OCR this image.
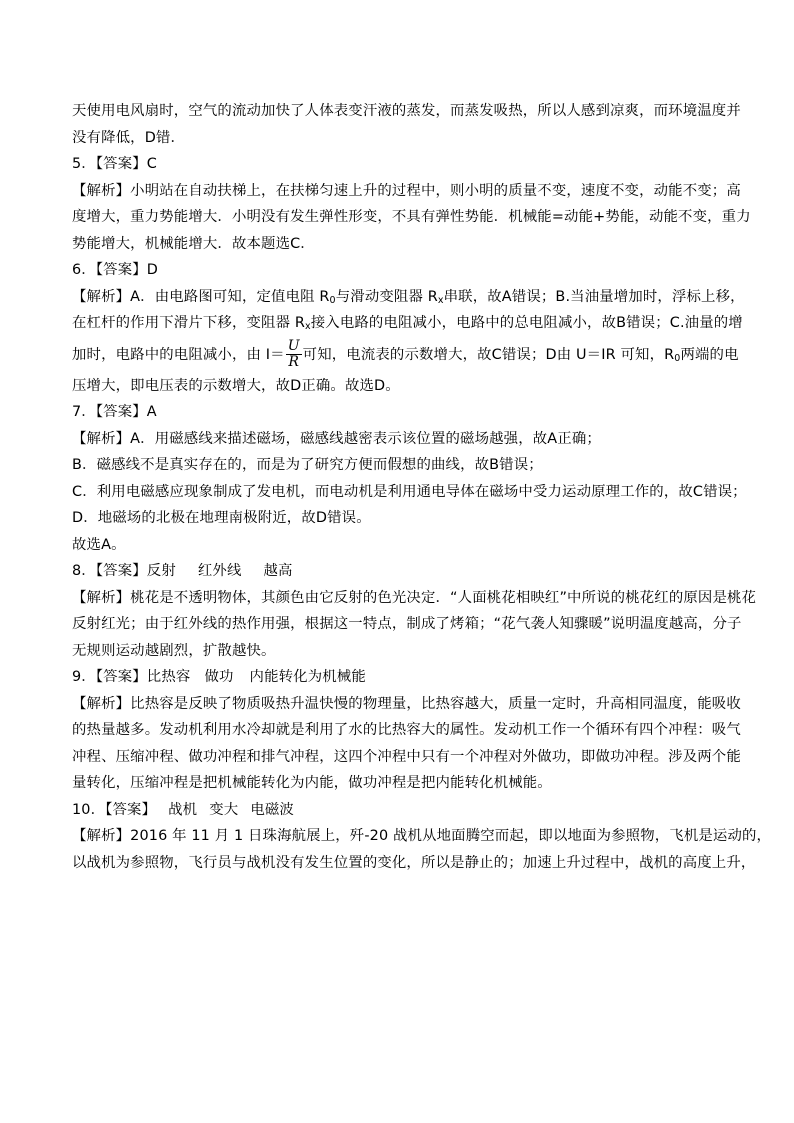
天使用电风扇时，空气的流动加快了人体表变汗液的蒸发，而蒸发吸热，所以人感到凉爽，而环境温度并
没有降低，D错．
5．【答案】C
【解析】小明站在自动扶梯上，在扶梯匀速上升的过程中，则小明的质量不变，速度不变，动能不变；高
度增大，重力势能增大．小明没有发生弹性形变，不具有弹性势能．机械能=动能+势能，动能不变，重力
势能增大，机械能增大．故本题选C．
6．【答案】D
【解析】A．由电路图可知，定值电阻 $R_0$与滑动变阻器 $R_x$串联，故A错误；B.当油量增加时，浮标上移，
在杠杆的作用下滑片下移，变阻器 $R_x$接入电路的电阻减小，电路中的总电阻减小，故B错误；C.油量的增
加时，电路中的电阻减小，由 $I= \frac{U}{R}$ 可知，电流表的示数增大，故C错误；D由 U＝IR 可知，$R_0$两端的电
压增大，即电压表的示数增大，故D正确。故选D。
7．【答案】A
【解析】A．用磁感线来描述磁场，磁感线越密表示该位置的磁场越强，故A正确；
B．磁感线不是真实存在的，而是为了研究方便而假想的曲线，故B错误；
C．利用电磁感应现象制成了发电机，而电动机是利用通电导体在磁场中受力运动原理工作的，故C错误；
D．地磁场的北极在地理南极附近，故D错误。
故选A。
8．【答案】反射 红外线 越高
【解析】桃花是不透明物体，其颜色由它反射的色光决定．“人面桃花相映红”中所说的桃花红的原因是桃花
反射红光；由于红外线的热作用强，根据这一特点，制成了烤箱；“花气袭人知骤暖”说明温度越高，分子
无规则运动越剧烈，扩散越快。
9．【答案】比热容 做功 内能转化为机械能
【解析】比热容是反映了物质吸热升温快慢的物理量，比热容越大，质量一定时，升高相同温度，能吸收
的热量越多。发动机利用水冷却就是利用了水的比热容大的属性。发动机工作一个循环有四个冲程：吸气
冲程、压缩冲程、做功冲程和排气冲程，这四个冲程中只有一个冲程对外做功，即做功冲程。涉及两个能
量转化，压缩冲程是把机械能转化为内能，做功冲程是把内能转化机械能。
10．【答案】 战机 变大 电磁波
【解析】2016 年 11 月 1 日珠海航展上，歼-20 战机从地面腾空而起，即以地面为参照物，飞机是运动的，
以战机为参照物，飞行员与战机没有发生位置的变化，所以是静止的；加速上升过程中，战机的高度上升，
